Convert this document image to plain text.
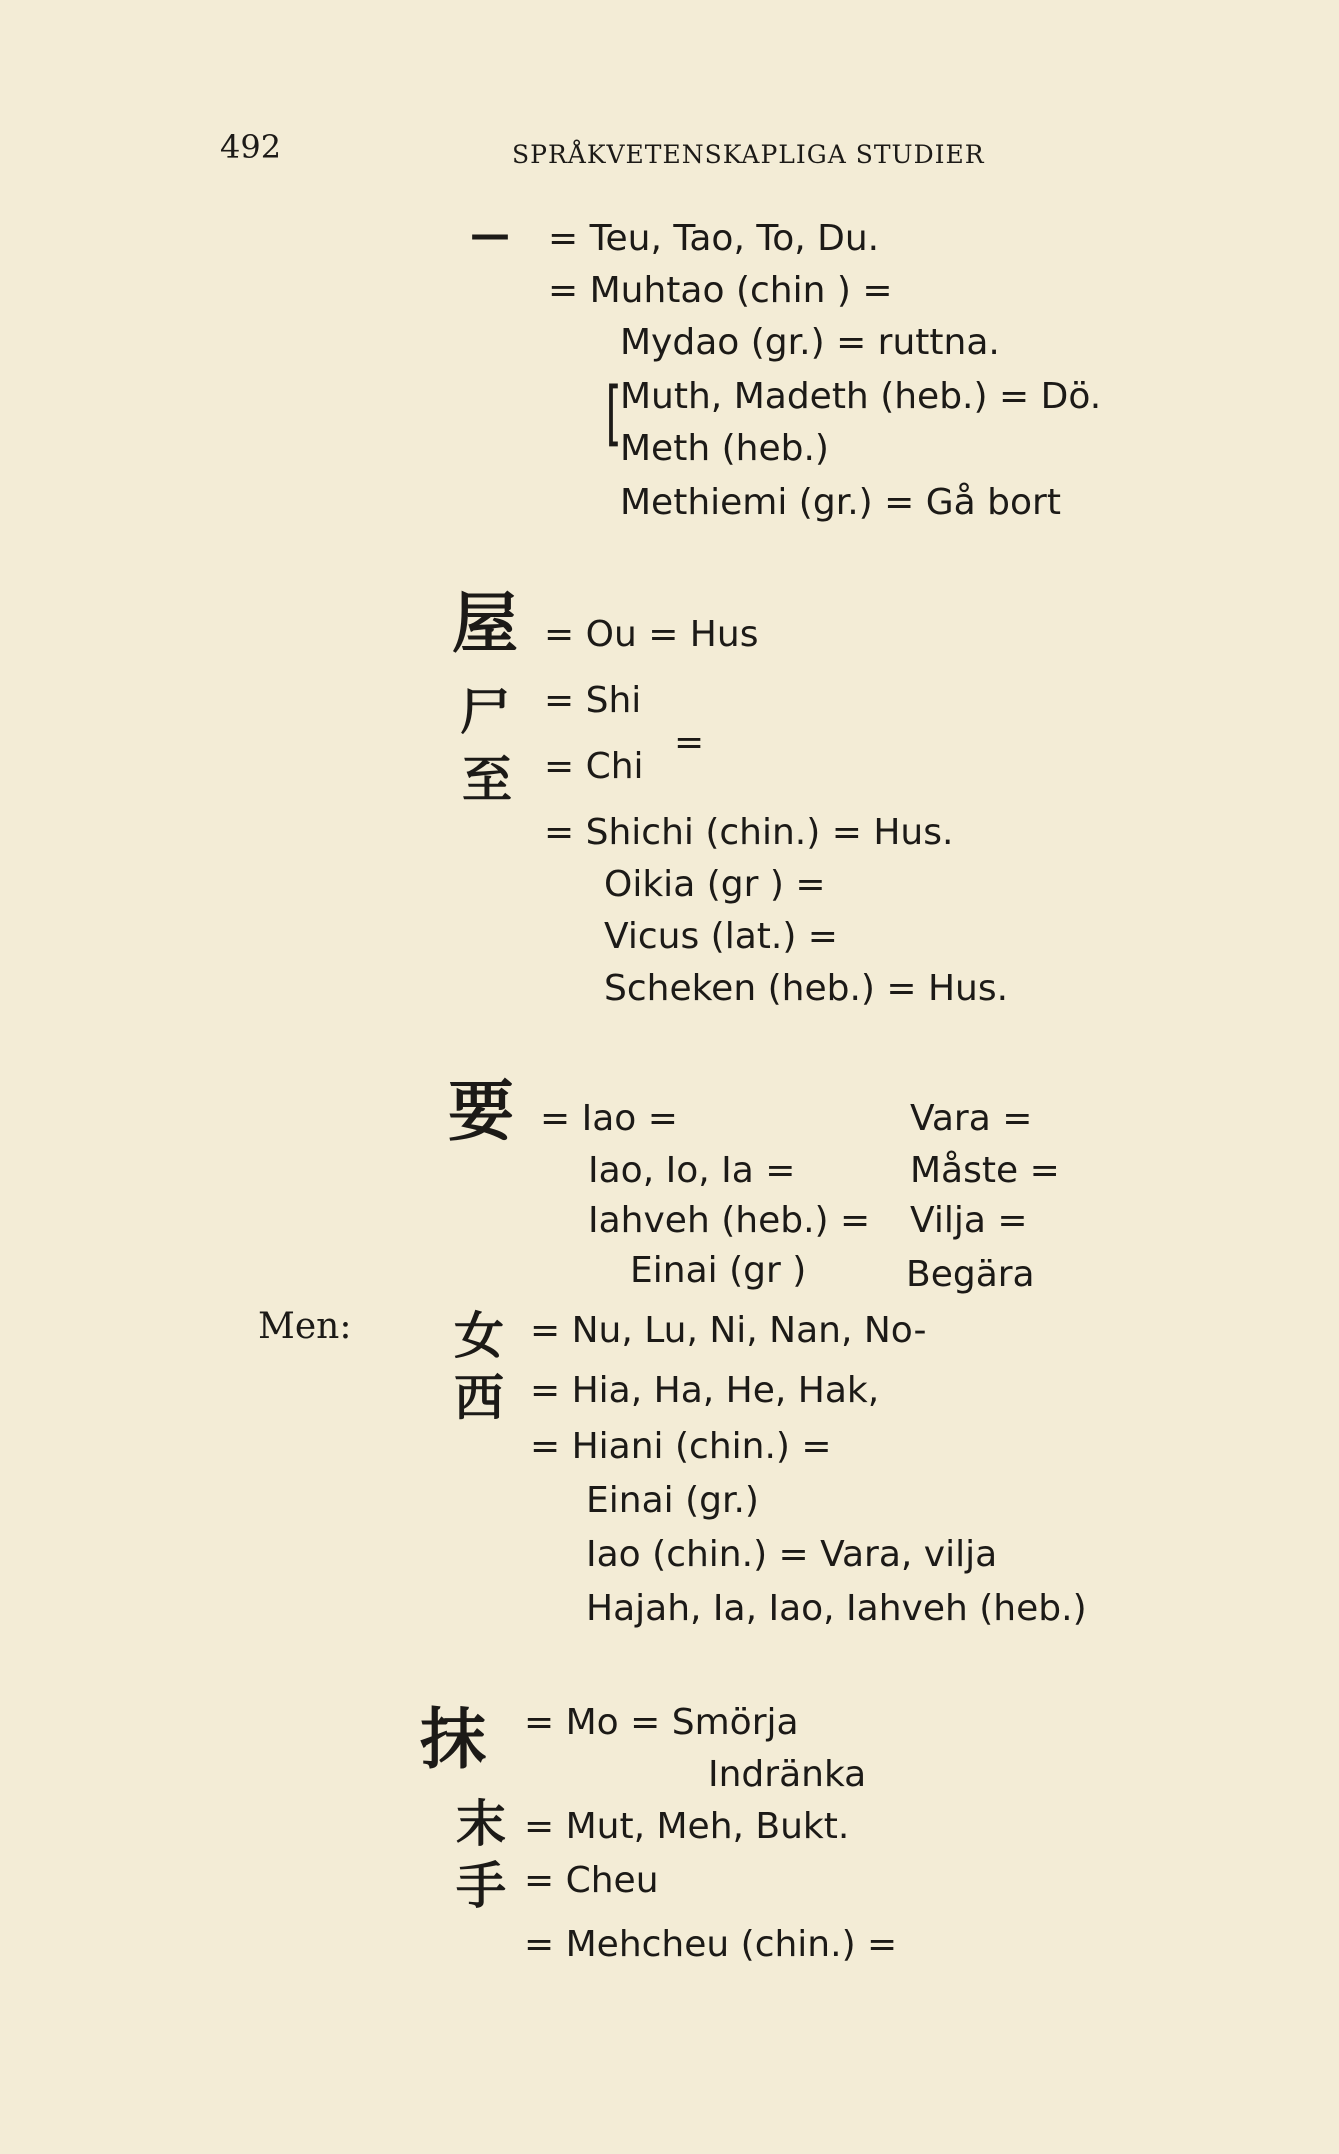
492	SPRÅKVETENSKAPLIGA STUDIER
— = Teu, Tao, To, Du.
= Muhtao (chin ) =
Mydao (gr.) = ruttna.
[
Muth, Madeth (heb.) = Dö.
Meth (heb.)
Methiemi (gr.) = Gå bort
屋
尸
至
= Ou = Hus
= Shi
=
= Chi
= Shichi (chin.) = Hus.
Oikia (gr ) =
Vicus (lat.) =
Scheken (heb.) = Hus.
要 = Iao =
Iao, Io, Ia =
Iahveh (heb.) =
Einai (gr )
Vara =
Måste =
Vilja =
Begära
Men: 女
西
= Nu, Lu, Ni, Nan, No-
= Hia, Ha, He, Hak,
= Hiani (chin.) =
Einai (gr.)
Iao (chin.) = Vara, vilja
Hajah, Ia, Iao, Iahveh (heb.)
抹
末
手
= Mo = Smörja
Indränka
= Mut, Meh, Bukt.
= Cheu
= Mehcheu (chin.) =
